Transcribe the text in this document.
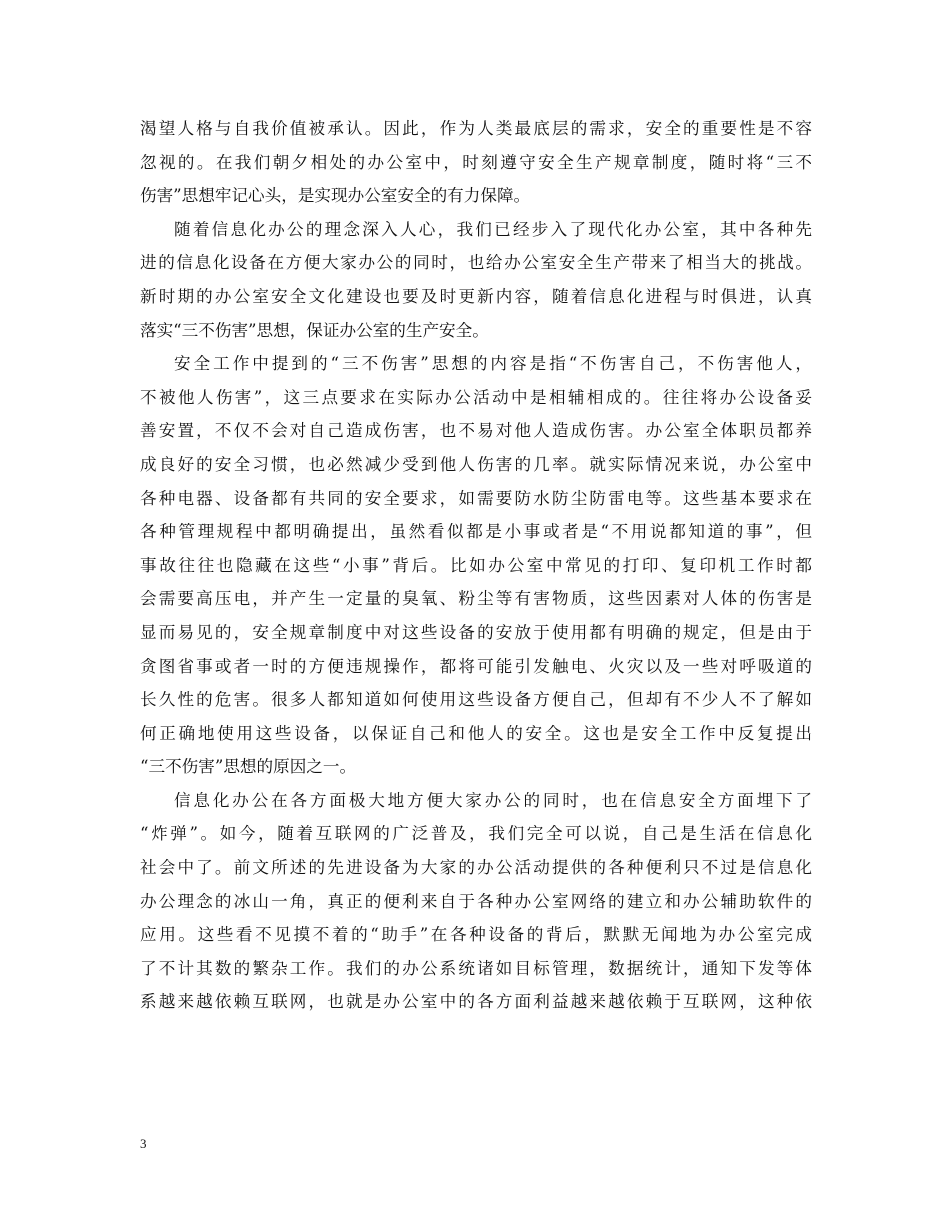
渴望人格与自我价值被承认。因此，作为人类最底层的需求，安全的重要性是不容
忽视的。在我们朝夕相处的办公室中，时刻遵守安全生产规章制度，随时将“三不
伤害”思想牢记心头，是实现办公室安全的有力保障。
随着信息化办公的理念深入人心，我们已经步入了现代化办公室，其中各种先
进的信息化设备在方便大家办公的同时，也给办公室安全生产带来了相当大的挑战。
新时期的办公室安全文化建设也要及时更新内容，随着信息化进程与时俱进，认真
落实“三不伤害”思想，保证办公室的生产安全。
安全工作中提到的“三不伤害”思想的内容是指“不伤害自己，不伤害他人，
不被他人伤害”，这三点要求在实际办公活动中是相辅相成的。往往将办公设备妥
善安置，不仅不会对自己造成伤害，也不易对他人造成伤害。办公室全体职员都养
成良好的安全习惯，也必然减少受到他人伤害的几率。就实际情况来说，办公室中
各种电器、设备都有共同的安全要求，如需要防水防尘防雷电等。这些基本要求在
各种管理规程中都明确提出，虽然看似都是小事或者是“不用说都知道的事”，但
事故往往也隐藏在这些“小事”背后。比如办公室中常见的打印、复印机工作时都
会需要高压电，并产生一定量的臭氧、粉尘等有害物质，这些因素对人体的伤害是
显而易见的，安全规章制度中对这些设备的安放于使用都有明确的规定，但是由于
贪图省事或者一时的方便违规操作，都将可能引发触电、火灾以及一些对呼吸道的
长久性的危害。很多人都知道如何使用这些设备方便自己，但却有不少人不了解如
何正确地使用这些设备，以保证自己和他人的安全。这也是安全工作中反复提出
“三不伤害”思想的原因之一。
信息化办公在各方面极大地方便大家办公的同时，也在信息安全方面埋下了
“炸弹”。如今，随着互联网的广泛普及，我们完全可以说，自己是生活在信息化
社会中了。前文所述的先进设备为大家的办公活动提供的各种便利只不过是信息化
办公理念的冰山一角，真正的便利来自于各种办公室网络的建立和办公辅助软件的
应用。这些看不见摸不着的“助手”在各种设备的背后，默默无闻地为办公室完成
了不计其数的繁杂工作。我们的办公系统诸如目标管理，数据统计，通知下发等体
系越来越依赖互联网，也就是办公室中的各方面利益越来越依赖于互联网，这种依
3
